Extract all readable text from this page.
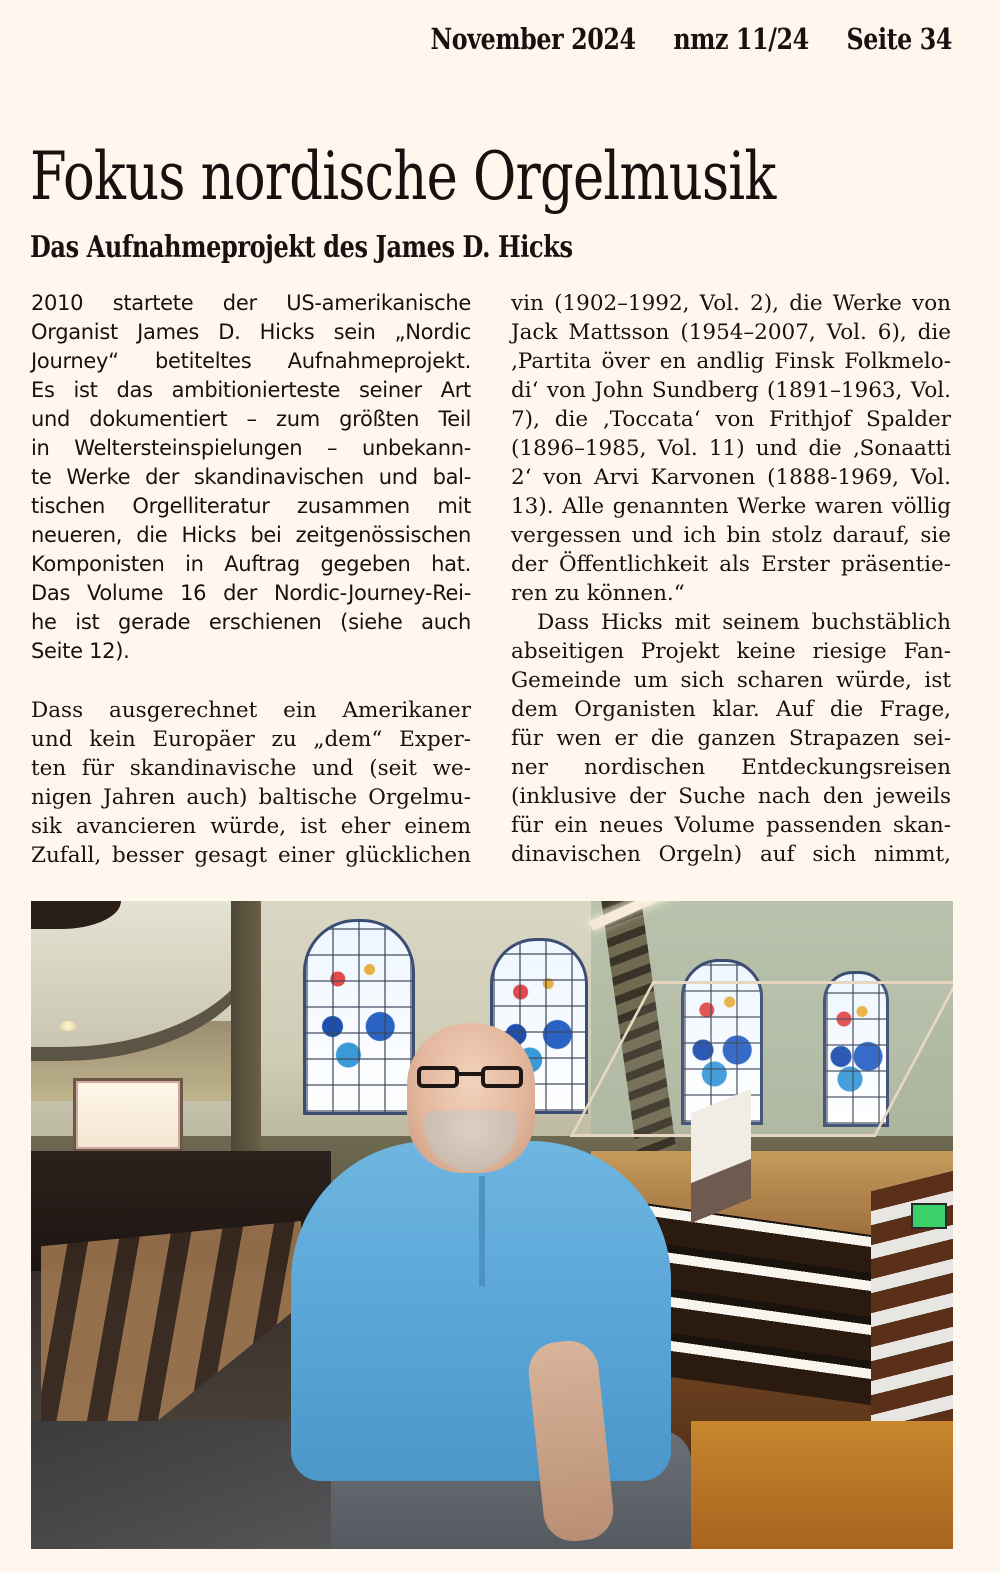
November 2024 nmz 11/24 Seite 34
Fokus nordische Orgelmusik
Das Aufnahmeprojekt des James D. Hicks
2010 startete der US-amerikanische
Organist James D. Hicks sein „Nordic
Journey“ betiteltes Aufnahmeprojekt.
Es ist das ambitionierteste seiner Art
und dokumentiert – zum größten Teil
in Weltersteinspielungen – unbekann-
te Werke der skandinavischen und bal-
tischen Orgelliteratur zusammen mit
neueren, die Hicks bei zeitgenössischen
Komponisten in Auftrag gegeben hat.
Das Volume 16 der Nordic-Journey-Rei-
he ist gerade erschienen (siehe auch
Seite 12).
Dass ausgerechnet ein Amerikaner
und kein Europäer zu „dem“ Exper-
ten für skandinavische und (seit we-
nigen Jahren auch) baltische Orgelmu-
sik avancieren würde, ist eher einem
Zufall, besser gesagt einer glücklichen
vin (1902–1992, Vol. 2), die Werke von
Jack Mattsson (1954–2007, Vol. 6), die
‚Partita över en andlig Finsk Folkmelo-
di‘ von John Sundberg (1891–1963, Vol.
7), die ‚Toccata‘ von Frithjof Spalder
(1896–1985, Vol. 11) und die ‚Sonaatti
2‘ von Arvi Karvonen (1888-1969, Vol.
13). Alle genannten Werke waren völlig
vergessen und ich bin stolz darauf, sie
der Öffentlichkeit als Erster präsentie-
ren zu können.“
Dass Hicks mit seinem buchstäblich
abseitigen Projekt keine riesige Fan-
Gemeinde um sich scharen würde, ist
dem Organisten klar. Auf die Frage,
für wen er die ganzen Strapazen sei-
ner nordischen Entdeckungsreisen
(inklusive der Suche nach den jeweils
für ein neues Volume passenden skan-
dinavischen Orgeln) auf sich nimmt,
